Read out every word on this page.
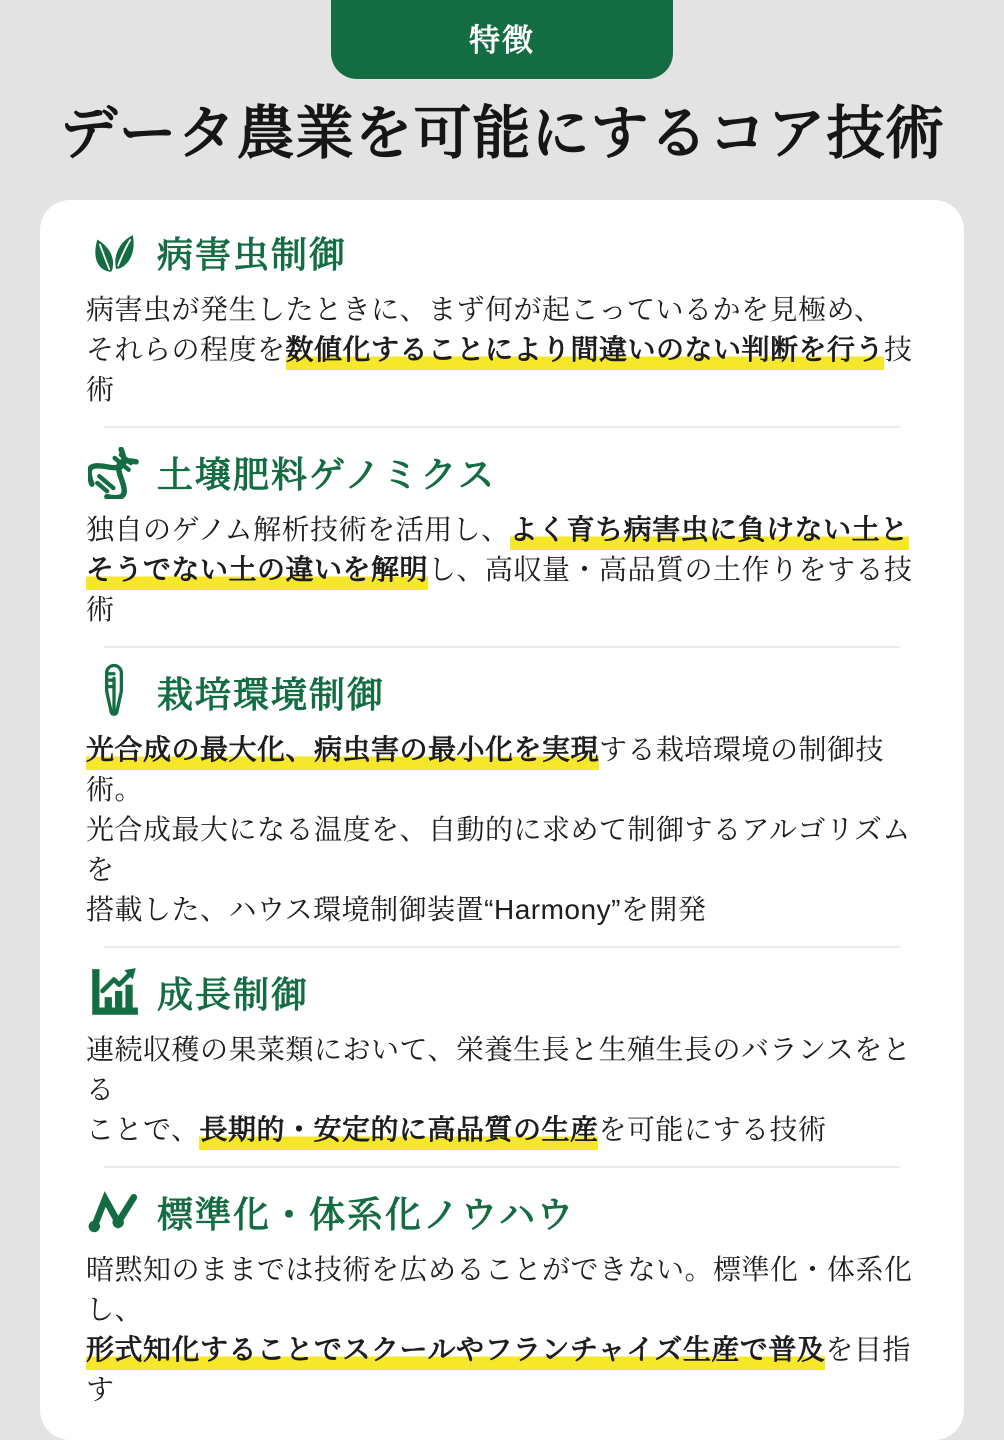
特徴
データ農業を可能にするコア技術
病害虫制御

病害虫が発生したときに、まず何が起こっているかを見極め、
それらの程度を数値化することにより間違いのない判断を行う技術

土壌肥料ゲノミクス

独自のゲノム解析技術を活用し、よく育ち病害虫に負けない土と
そうでない土の違いを解明し、高収量・高品質の土作りをする技術

栽培環境制御

光合成の最大化、病虫害の最小化を実現する栽培環境の制御技術。
光合成最大になる温度を、自動的に求めて制御するアルゴリズムを
搭載した、ハウス環境制御装置“Harmony”を開発

成長制御

連続収穫の果菜類において、栄養生長と生殖生長のバランスをとる
ことで、長期的・安定的に高品質の生産を可能にする技術

標準化・体系化ノウハウ

暗黙知のままでは技術を広めることができない。標準化・体系化し、
形式知化することでスクールやフランチャイズ生産で普及を目指す
